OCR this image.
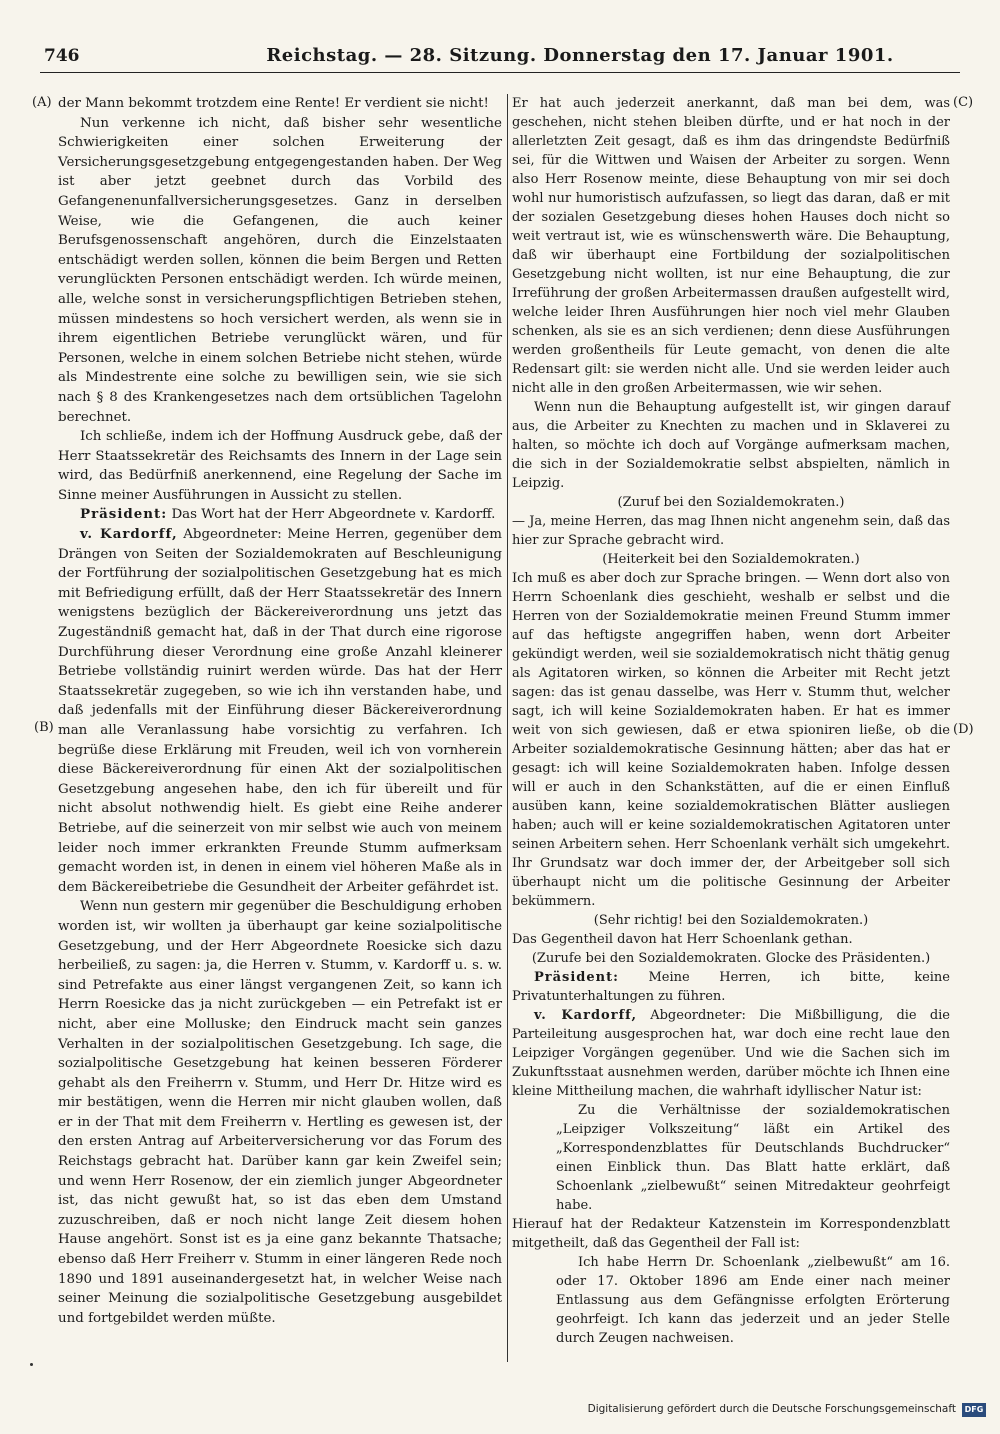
746	Reichstag. — 28. Sitzung. Donnerstag den 17. Januar 1901.
(A)
(B)
(C)
(D)

der Mann bekommt trotzdem eine Rente! Er verdient sie nicht!

Nun verkenne ich nicht, daß bisher sehr wesentliche Schwierigkeiten einer solchen Erweiterung der Versicherungsgesetzgebung entgegengestanden haben. Der Weg ist aber jetzt geebnet durch das Vorbild des Gefangenenunfallversicherungsgesetzes. Ganz in derselben Weise, wie die Gefangenen, die auch keiner Berufsgenossenschaft angehören, durch die Einzelstaaten entschädigt werden sollen, können die beim Bergen und Retten verunglückten Personen entschädigt werden. Ich würde meinen, alle, welche sonst in versicherungspflichtigen Betrieben stehen, müssen mindestens so hoch versichert werden, als wenn sie in ihrem eigentlichen Betriebe verunglückt wären, und für Personen, welche in einem solchen Betriebe nicht stehen, würde als Mindestrente eine solche zu bewilligen sein, wie sie sich nach § 8 des Krankengesetzes nach dem ortsüblichen Tagelohn berechnet.

Ich schließe, indem ich der Hoffnung Ausdruck gebe, daß der Herr Staatssekretär des Reichsamts des Innern in der Lage sein wird, das Bedürfniß anerkennend, eine Regelung der Sache im Sinne meiner Ausführungen in Aussicht zu stellen.

Präsident: Das Wort hat der Herr Abgeordnete v. Kardorff.

v. Kardorff, Abgeordneter: Meine Herren, gegenüber dem Drängen von Seiten der Sozialdemokraten auf Beschleunigung der Fortführung der sozialpolitischen Gesetzgebung hat es mich mit Befriedigung erfüllt, daß der Herr Staatssekretär des Innern wenigstens bezüglich der Bäckereiverordnung uns jetzt das Zugeständniß gemacht hat, daß in der That durch eine rigorose Durchführung dieser Verordnung eine große Anzahl kleinerer Betriebe vollständig ruinirt werden würde. Das hat der Herr Staatssekretär zugegeben, so wie ich ihn verstanden habe, und daß jedenfalls mit der Einführung dieser Bäckereiverordnung man alle Veranlassung habe vorsichtig zu verfahren. Ich begrüße diese Erklärung mit Freuden, weil ich von vornherein diese Bäckereiverordnung für einen Akt der sozialpolitischen Gesetzgebung angesehen habe, den ich für übereilt und für nicht absolut nothwendig hielt. Es giebt eine Reihe anderer Betriebe, auf die seinerzeit von mir selbst wie auch von meinem leider noch immer erkrankten Freunde Stumm aufmerksam gemacht worden ist, in denen in einem viel höheren Maße als in dem Bäckereibetriebe die Gesundheit der Arbeiter gefährdet ist.

Wenn nun gestern mir gegenüber die Beschuldigung erhoben worden ist, wir wollten ja überhaupt gar keine sozialpolitische Gesetzgebung, und der Herr Abgeordnete Roesicke sich dazu herbeiließ, zu sagen: ja, die Herren v. Stumm, v. Kardorff u. s. w. sind Petrefakte aus einer längst vergangenen Zeit, so kann ich Herrn Roesicke das ja nicht zurückgeben — ein Petrefakt ist er nicht, aber eine Molluske; den Eindruck macht sein ganzes Verhalten in der sozialpolitischen Gesetzgebung. Ich sage, die sozialpolitische Gesetzgebung hat keinen besseren Förderer gehabt als den Freiherrn v. Stumm, und Herr Dr. Hitze wird es mir bestätigen, wenn die Herren mir nicht glauben wollen, daß er in der That mit dem Freiherrn v. Hertling es gewesen ist, der den ersten Antrag auf Arbeiterversicherung vor das Forum des Reichstags gebracht hat. Darüber kann gar kein Zweifel sein; und wenn Herr Rosenow, der ein ziemlich junger Abgeordneter ist, das nicht gewußt hat, so ist das eben dem Umstand zuzuschreiben, daß er noch nicht lange Zeit diesem hohen Hause angehört. Sonst ist es ja eine ganz bekannte Thatsache; ebenso daß Herr Freiherr v. Stumm in einer längeren Rede noch 1890 und 1891 auseinandergesetzt hat, in welcher Weise nach seiner Meinung die sozialpolitische Gesetzgebung ausgebildet und fortgebildet werden müßte.

Er hat auch jederzeit anerkannt, daß man bei dem, was geschehen, nicht stehen bleiben dürfte, und er hat noch in der allerletzten Zeit gesagt, daß es ihm das dringendste Bedürfniß sei, für die Wittwen und Waisen der Arbeiter zu sorgen. Wenn also Herr Rosenow meinte, diese Behauptung von mir sei doch wohl nur humoristisch aufzufassen, so liegt das daran, daß er mit der sozialen Gesetzgebung dieses hohen Hauses doch nicht so weit vertraut ist, wie es wünschenswerth wäre. Die Behauptung, daß wir überhaupt eine Fortbildung der sozialpolitischen Gesetzgebung nicht wollten, ist nur eine Behauptung, die zur Irreführung der großen Arbeitermassen draußen aufgestellt wird, welche leider Ihren Ausführungen hier noch viel mehr Glauben schenken, als sie es an sich verdienen; denn diese Ausführungen werden großentheils für Leute gemacht, von denen die alte Redensart gilt: sie werden nicht alle. Und sie werden leider auch nicht alle in den großen Arbeitermassen, wie wir sehen.

Wenn nun die Behauptung aufgestellt ist, wir gingen darauf aus, die Arbeiter zu Knechten zu machen und in Sklaverei zu halten, so möchte ich doch auf Vorgänge aufmerksam machen, die sich in der Sozialdemokratie selbst abspielten, nämlich in Leipzig.

(Zuruf bei den Sozialdemokraten.)

— Ja, meine Herren, das mag Ihnen nicht angenehm sein, daß das hier zur Sprache gebracht wird.

(Heiterkeit bei den Sozialdemokraten.)

Ich muß es aber doch zur Sprache bringen. — Wenn dort also von Herrn Schoenlank dies geschieht, weshalb er selbst und die Herren von der Sozialdemokratie meinen Freund Stumm immer auf das heftigste angegriffen haben, wenn dort Arbeiter gekündigt werden, weil sie sozialdemokratisch nicht thätig genug als Agitatoren wirken, so können die Arbeiter mit Recht jetzt sagen: das ist genau dasselbe, was Herr v. Stumm thut, welcher sagt, ich will keine Sozialdemokraten haben. Er hat es immer weit von sich gewiesen, daß er etwa spioniren ließe, ob die Arbeiter sozialdemokratische Gesinnung hätten; aber das hat er gesagt: ich will keine Sozialdemokraten haben. Infolge dessen will er auch in den Schankstätten, auf die er einen Einfluß ausüben kann, keine sozialdemokratischen Blätter ausliegen haben; auch will er keine sozialdemokratischen Agitatoren unter seinen Arbeitern sehen. Herr Schoenlank verhält sich umgekehrt. Ihr Grundsatz war doch immer der, der Arbeitgeber soll sich überhaupt nicht um die politische Gesinnung der Arbeiter bekümmern.

(Sehr richtig! bei den Sozialdemokraten.)

Das Gegentheil davon hat Herr Schoenlank gethan.

(Zurufe bei den Sozialdemokraten. Glocke des Präsidenten.)

Präsident: Meine Herren, ich bitte, keine Privatunterhaltungen zu führen.

v. Kardorff, Abgeordneter: Die Mißbilligung, die die Parteileitung ausgesprochen hat, war doch eine recht laue den Leipziger Vorgängen gegenüber. Und wie die Sachen sich im Zukunftsstaat ausnehmen werden, darüber möchte ich Ihnen eine kleine Mittheilung machen, die wahrhaft idyllischer Natur ist:

Zu die Verhältnisse der sozialdemokratischen „Leipziger Volkszeitung“ läßt ein Artikel des „Korrespondenzblattes für Deutschlands Buchdrucker“ einen Einblick thun. Das Blatt hatte erklärt, daß Schoenlank „zielbewußt“ seinen Mitredakteur geohrfeigt habe.

Hierauf hat der Redakteur Katzenstein im Korrespondenzblatt mitgetheilt, daß das Gegentheil der Fall ist:

Ich habe Herrn Dr. Schoenlank „zielbewußt“ am 16. oder 17. Oktober 1896 am Ende einer nach meiner Entlassung aus dem Gefängnisse erfolgten Erörterung geohrfeigt. Ich kann das jederzeit und an jeder Stelle durch Zeugen nachweisen.

Digitalisierung gefördert durch die Deutsche Forschungsgemeinschaft	DFG
